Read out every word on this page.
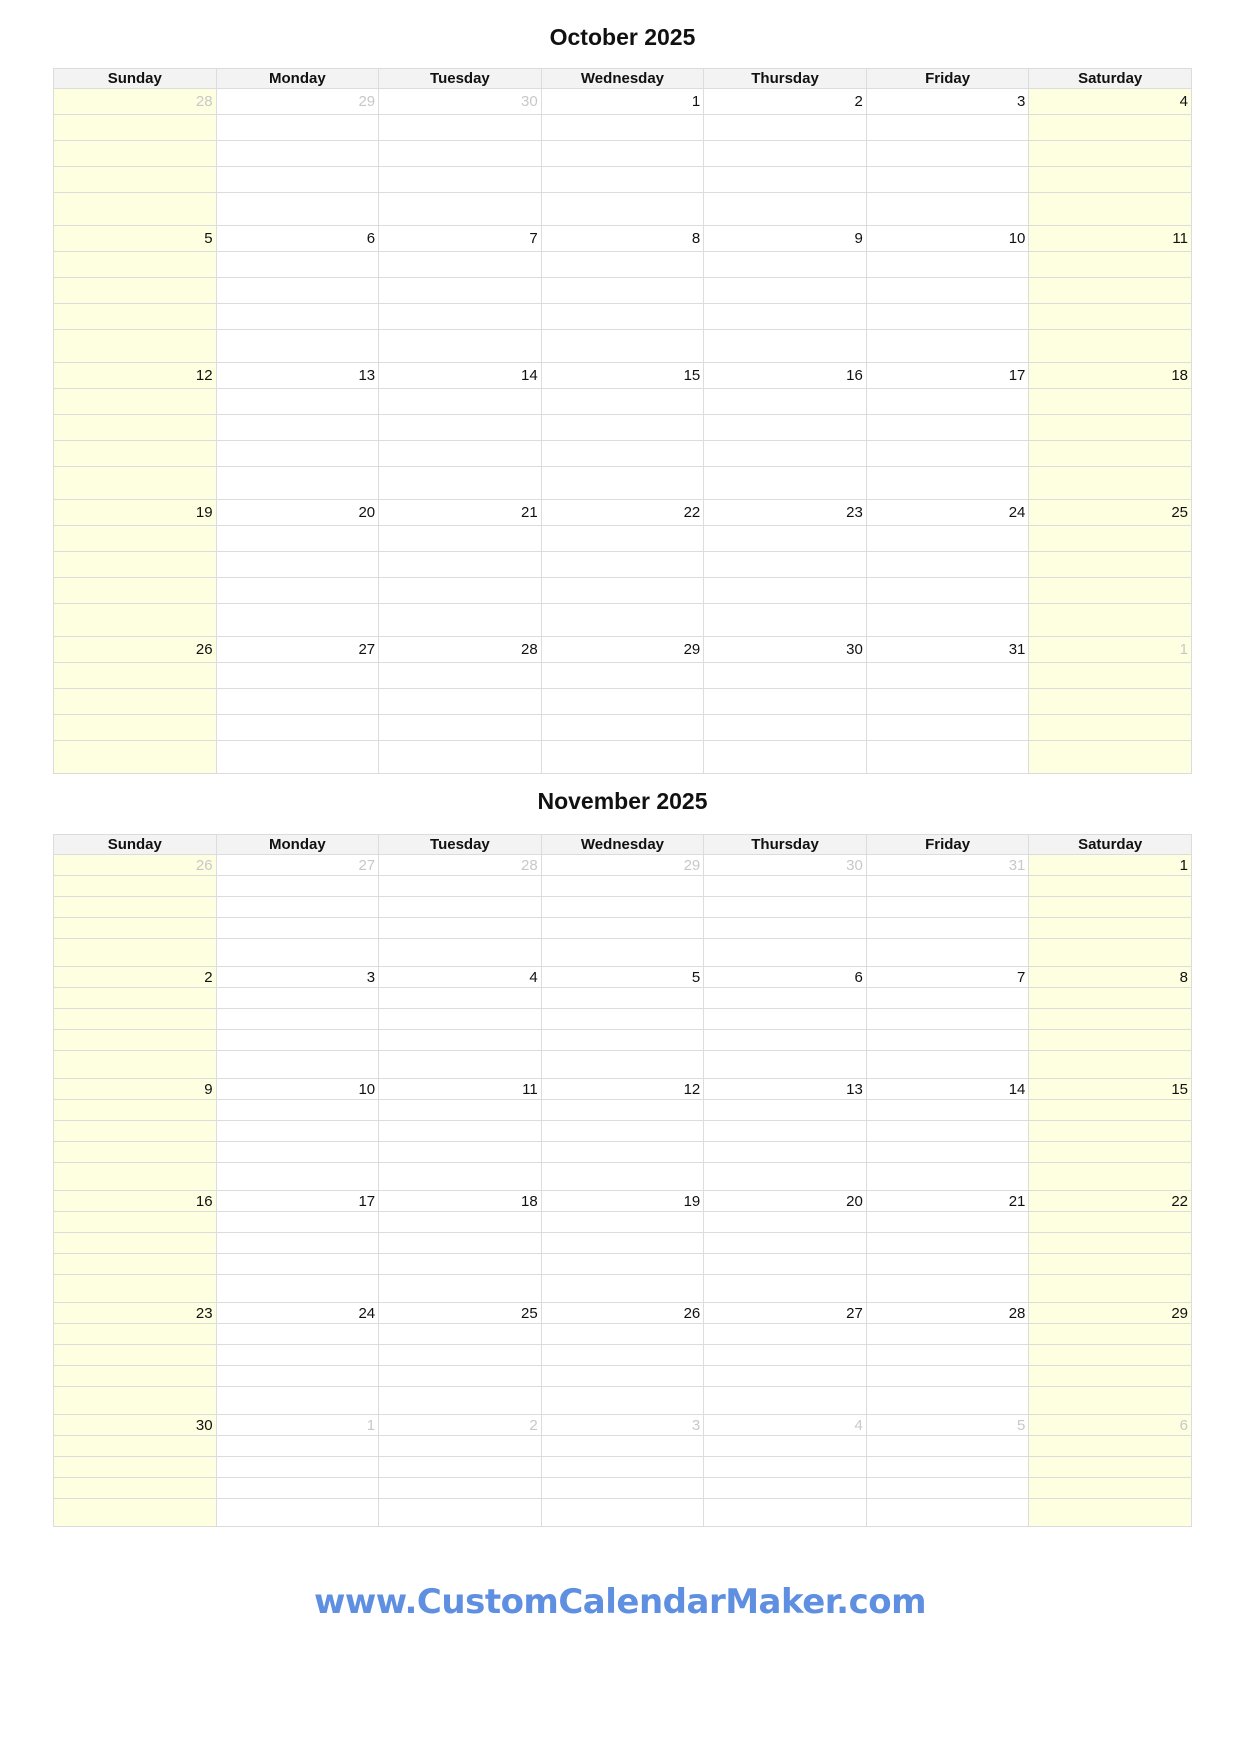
October 2025
Sunday	Monday	Tuesday	Wednesday	Thursday	Friday	Saturday
28	29	30	1	2	3	4

5	6	7	8	9	10	11

12	13	14	15	16	17	18

19	20	21	22	23	24	25

26	27	28	29	30	31	1

November 2025
Sunday	Monday	Tuesday	Wednesday	Thursday	Friday	Saturday
26	27	28	29	30	31	1

2	3	4	5	6	7	8

9	10	11	12	13	14	15

16	17	18	19	20	21	22

23	24	25	26	27	28	29

30	1	2	3	4	5	6

www.CustomCalendarMaker.com
